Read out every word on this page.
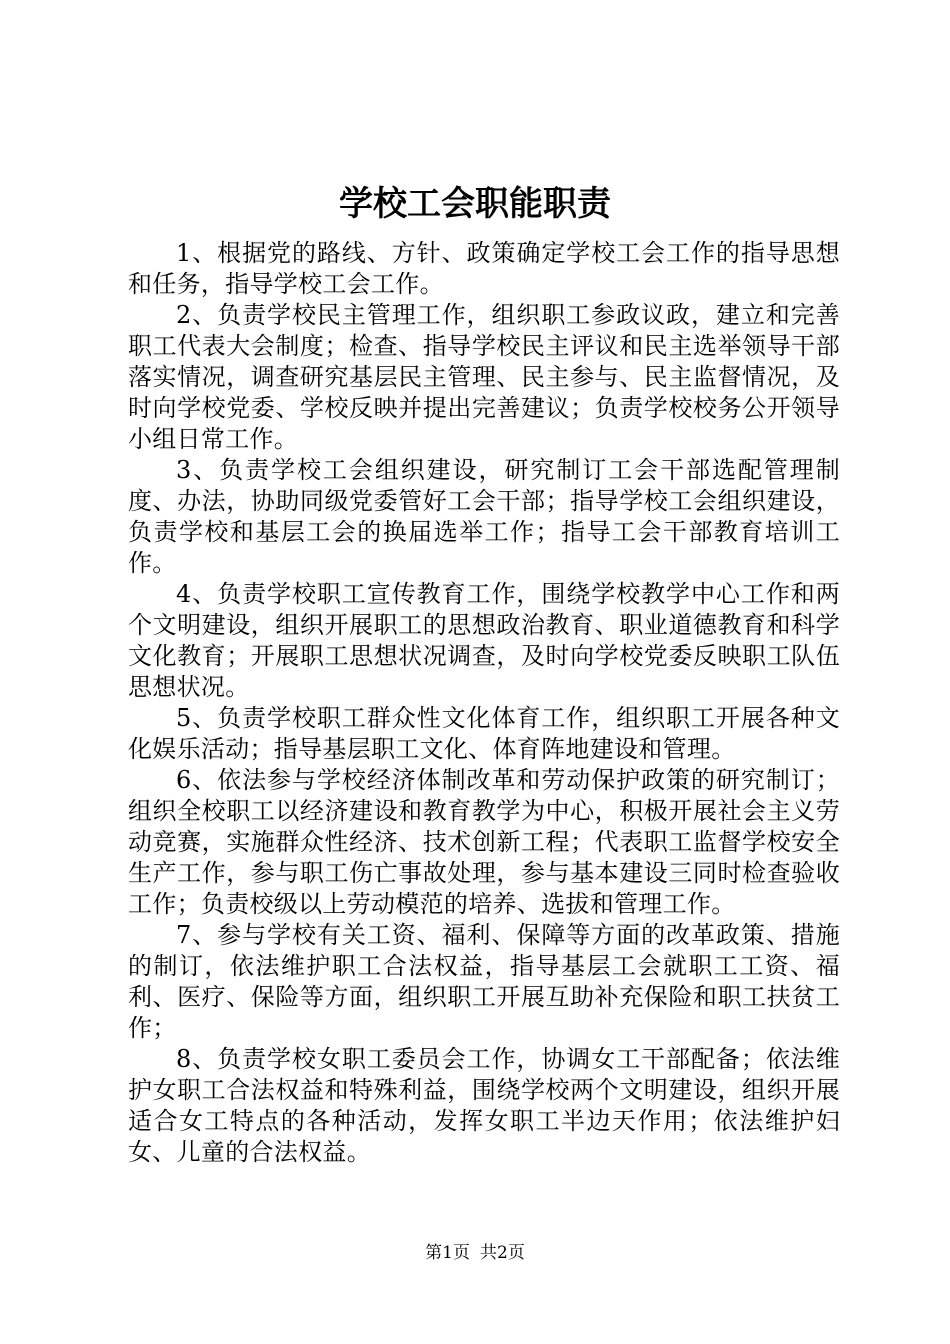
学校工会职能职责

1、根据党的路线、方针、政策确定学校工会工作的指导思想和任务，指导学校工会工作。

2、负责学校民主管理工作，组织职工参政议政，建立和完善职工代表大会制度；检查、指导学校民主评议和民主选举领导干部落实情况，调查研究基层民主管理、民主参与、民主监督情况，及时向学校党委、学校反映并提出完善建议；负责学校校务公开领导小组日常工作。

3、负责学校工会组织建设，研究制订工会干部选配管理制度、办法，协助同级党委管好工会干部；指导学校工会组织建设，负责学校和基层工会的换届选举工作；指导工会干部教育培训工作。

4、负责学校职工宣传教育工作，围绕学校教学中心工作和两个文明建设，组织开展职工的思想政治教育、职业道德教育和科学文化教育；开展职工思想状况调查，及时向学校党委反映职工队伍思想状况。

5、负责学校职工群众性文化体育工作，组织职工开展各种文化娱乐活动；指导基层职工文化、体育阵地建设和管理。

6、依法参与学校经济体制改革和劳动保护政策的研究制订；组织全校职工以经济建设和教育教学为中心，积极开展社会主义劳动竞赛，实施群众性经济、技术创新工程；代表职工监督学校安全生产工作，参与职工伤亡事故处理，参与基本建设三同时检查验收工作；负责校级以上劳动模范的培养、选拔和管理工作。

7、参与学校有关工资、福利、保障等方面的改革政策、措施的制订，依法维护职工合法权益，指导基层工会就职工工资、福利、医疗、保险等方面，组织职工开展互助补充保险和职工扶贫工作；

8、负责学校女职工委员会工作，协调女工干部配备；依法维护女职工合法权益和特殊利益，围绕学校两个文明建设，组织开展适合女工特点的各种活动，发挥女职工半边天作用；依法维护妇女、儿童的合法权益。

第1页 共2页
